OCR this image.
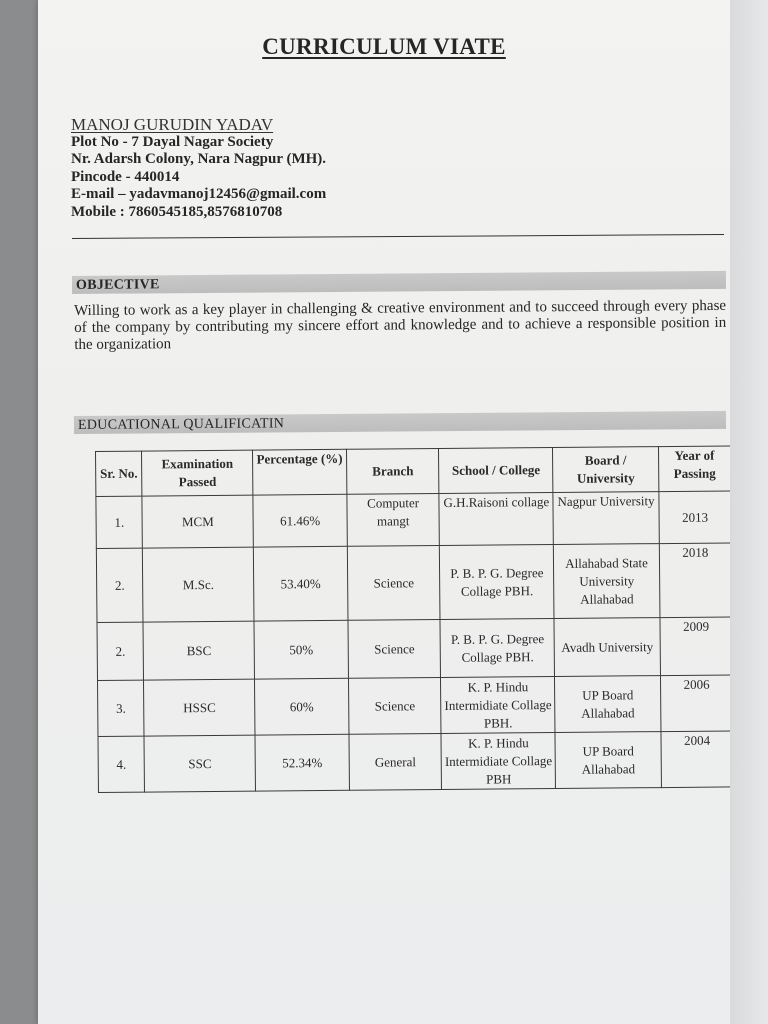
CURRICULUM VIATE
MANOJ GURUDIN YADAV
Plot No - 7 Dayal Nagar Society
Nr. Adarsh Colony, Nara Nagpur (MH).
Pincode - 440014
E-mail – yadavmanoj12456@gmail.com
Mobile : 7860545185,8576810708
OBJECTIVE
Willing to work as a key player in challenging & creative environment and to succeed through every phase of the company by contributing my sincere effort and knowledge and to achieve a responsible position in the organization
EDUCATIONAL QUALIFICATIN
Sr. No.	Examination Passed	Percentage (%)	Branch	School / College	Board / University	Year of Passing
1.	MCM	61.46%	Computer mangt	G.H.Raisoni collage	Nagpur University	2013
2.	M.Sc.	53.40%	Science	P. B. P. G. Degree Collage PBH.	Allahabad State University Allahabad	2018
2.	BSC	50%	Science	P. B. P. G. Degree Collage PBH.	Avadh University	2009
3.	HSSC	60%	Science	K. P. Hindu Intermidiate Collage PBH.	UP Board Allahabad	2006
4.	SSC	52.34%	General	K. P. Hindu Intermidiate Collage PBH	UP Board Allahabad	2004
